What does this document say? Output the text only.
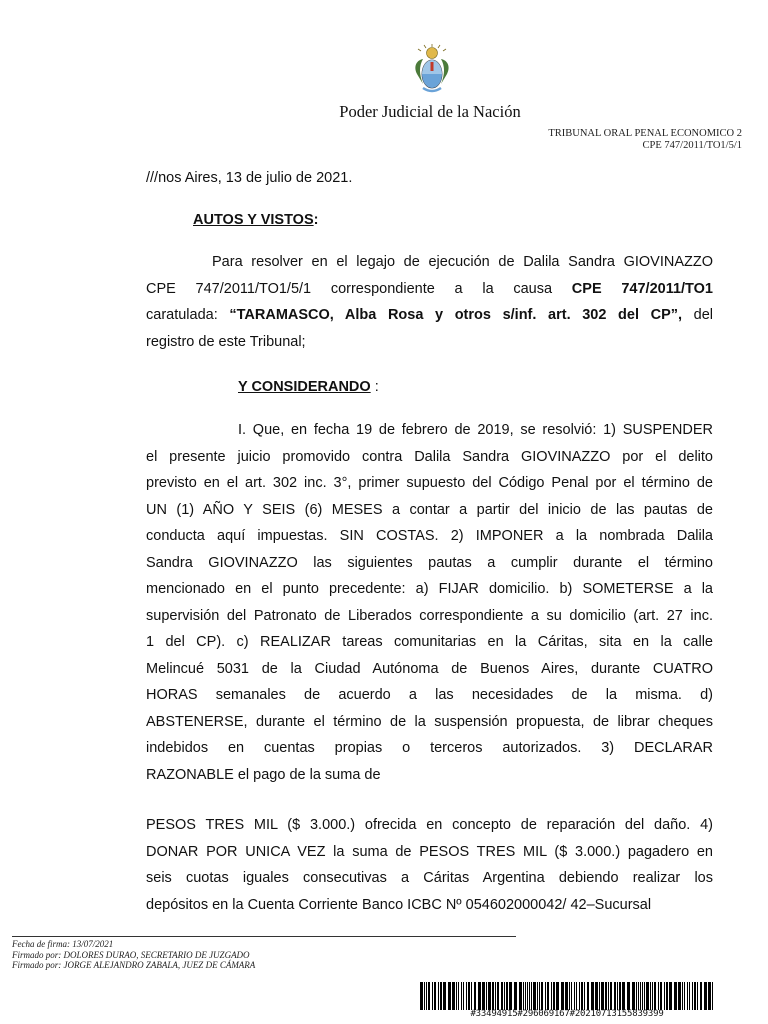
Poder Judicial de la Nación
TRIBUNAL ORAL PENAL ECONOMICO 2
CPE 747/2011/TO1/5/1
///nos Aires, 13 de julio de 2021.
AUTOS Y VISTOS:
Para resolver en el legajo de ejecución de Dalila Sandra GIOVINAZZO
CPE 747/2011/TO1/5/1 correspondiente a la causa CPE 747/2011/TO1
caratulada: “TARAMASCO, Alba Rosa y otros s/inf. art. 302 del CP”, del
registro de este Tribunal;
Y CONSIDERANDO :
I. Que, en fecha 19 de febrero de 2019, se resolvió: 1) SUSPENDER
el presente juicio promovido contra Dalila Sandra GIOVINAZZO por el delito
previsto en el art. 302 inc. 3°, primer supuesto del Código Penal por el término de
UN (1) AÑO Y SEIS (6) MESES a contar a partir del inicio de las pautas de
conducta aquí impuestas. SIN COSTAS. 2) IMPONER a la nombrada Dalila
Sandra GIOVINAZZO las siguientes pautas a cumplir durante el término
mencionado en el punto precedente: a) FIJAR domicilio. b) SOMETERSE a la
supervisión del Patronato de Liberados correspondiente a su domicilio (art. 27 inc.
1 del CP). c) REALIZAR tareas comunitarias en la Cáritas, sita en la calle
Melincué 5031 de la Ciudad Autónoma de Buenos Aires, durante CUATRO
HORAS semanales de acuerdo a las necesidades de la misma. d)
ABSTENERSE, durante el término de la suspensión propuesta, de librar cheques
indebidos en cuentas propias o terceros autorizados. 3) DECLARAR
RAZONABLE el pago de la suma de
PESOS TRES MIL ($ 3.000.) ofrecida en concepto de reparación del daño. 4)
DONAR POR UNICA VEZ la suma de PESOS TRES MIL ($ 3.000.) pagadero en
seis cuotas iguales consecutivas a Cáritas Argentina debiendo realizar los
depósitos en la Cuenta Corriente Banco ICBC Nº 054602000042/ 42–Sucursal
Fecha de firma: 13/07/2021
Firmado por: DOLORES DURAO, SECRETARIO DE JUZGADO
Firmado por: JORGE ALEJANDRO ZABALA, JUEZ DE CÁMARA
#33494915#296069167#20210713155839399
